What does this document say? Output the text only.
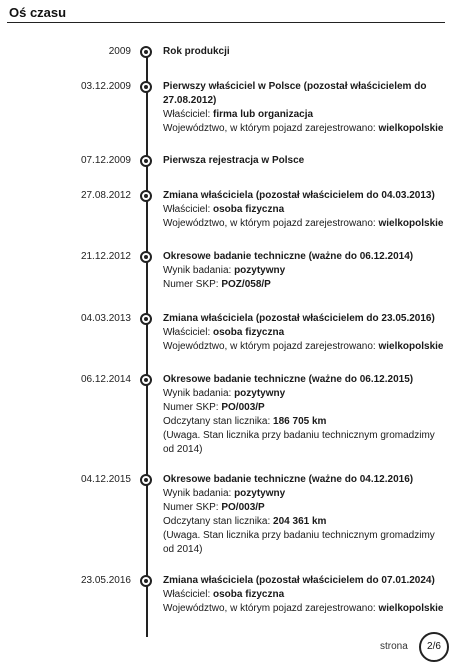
Oś czasu
2009	Rok produkcji
03.12.2009	Pierwszy właściciel w Polsce (pozostał właścicielem do 27.08.2012)
Właściciel: firma lub organizacja
Województwo, w którym pojazd zarejestrowano: wielkopolskie
07.12.2009	Pierwsza rejestracja w Polsce
27.08.2012	Zmiana właściciela (pozostał właścicielem do 04.03.2013)
Właściciel: osoba fizyczna
Województwo, w którym pojazd zarejestrowano: wielkopolskie
21.12.2012	Okresowe badanie techniczne (ważne do 06.12.2014)
Wynik badania: pozytywny
Numer SKP: POZ/058/P
04.03.2013	Zmiana właściciela (pozostał właścicielem do 23.05.2016)
Właściciel: osoba fizyczna
Województwo, w którym pojazd zarejestrowano: wielkopolskie
06.12.2014	Okresowe badanie techniczne (ważne do 06.12.2015)
Wynik badania: pozytywny
Numer SKP: PO/003/P
Odczytany stan licznika: 186 705 km
(Uwaga. Stan licznika przy badaniu technicznym gromadzimy od 2014)
04.12.2015	Okresowe badanie techniczne (ważne do 04.12.2016)
Wynik badania: pozytywny
Numer SKP: PO/003/P
Odczytany stan licznika: 204 361 km
(Uwaga. Stan licznika przy badaniu technicznym gromadzimy od 2014)
23.05.2016	Zmiana właściciela (pozostał właścicielem do 07.01.2024)
Właściciel: osoba fizyczna
Województwo, w którym pojazd zarejestrowano: wielkopolskie
strona	2/6
